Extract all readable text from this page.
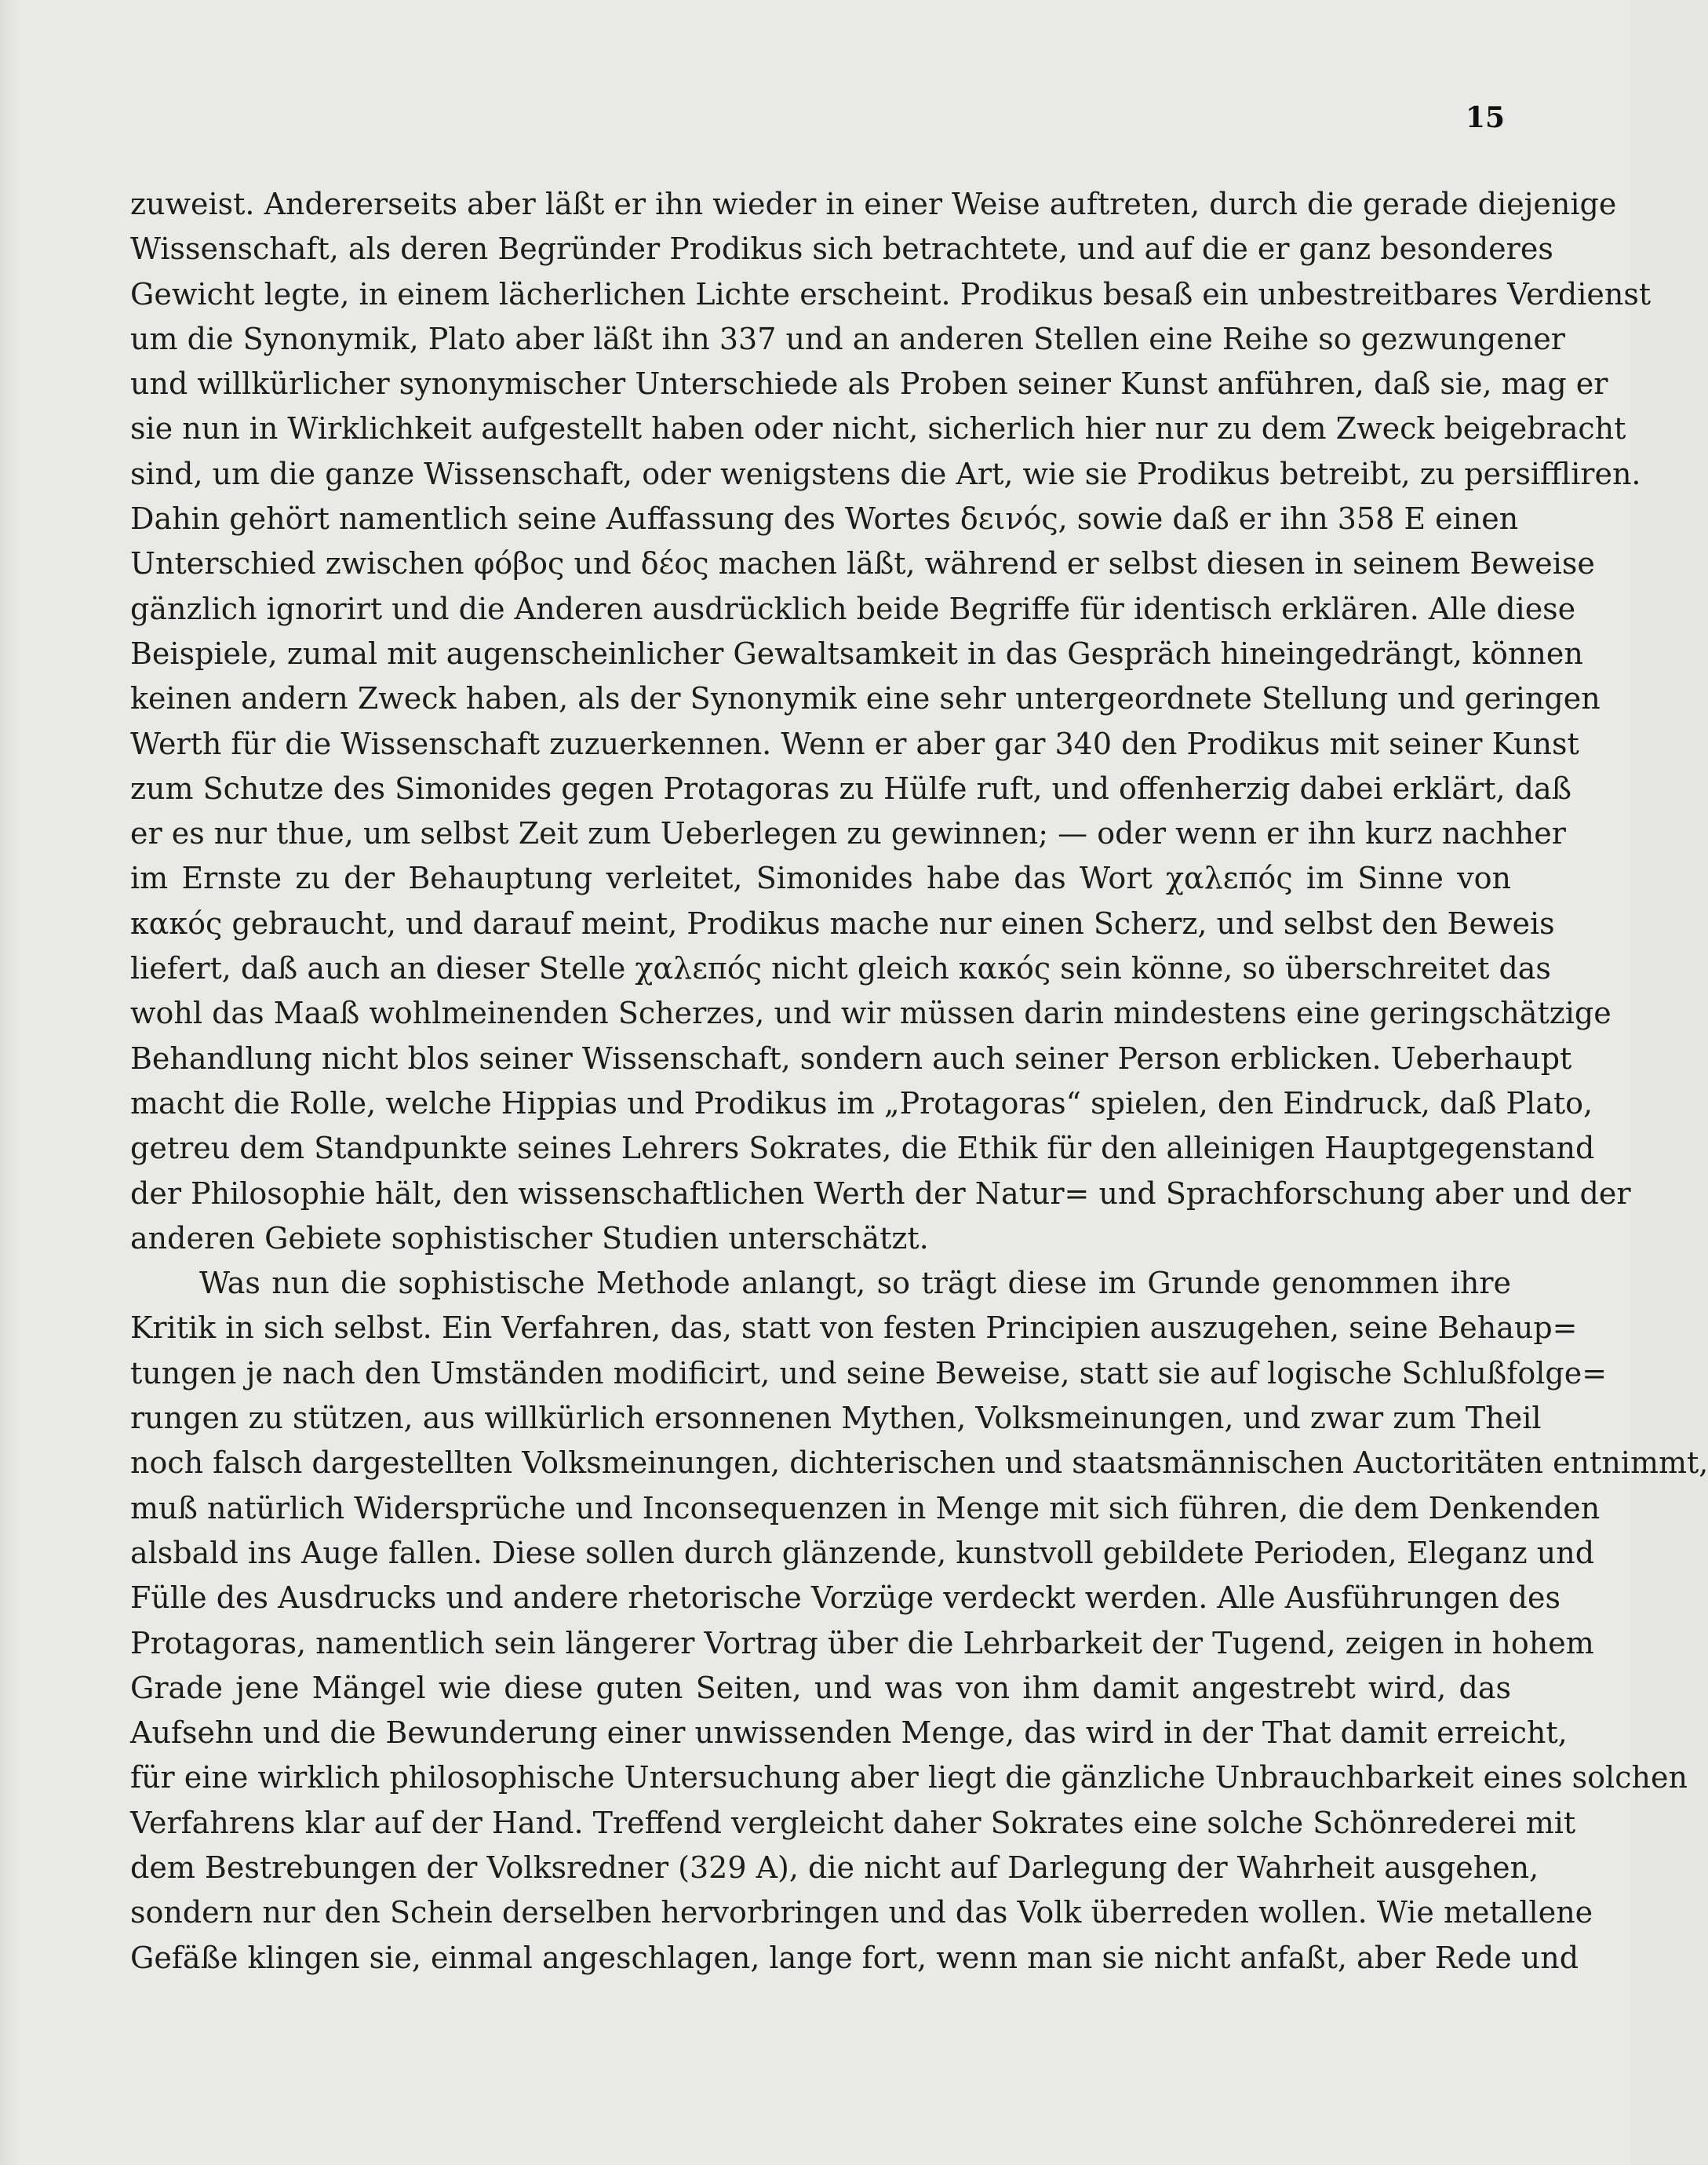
15
zuweist. Andererseits aber läßt er ihn wieder in einer Weise auftreten, durch die gerade diejenige
Wissenschaft, als deren Begründer Prodikus sich betrachtete, und auf die er ganz besonderes
Gewicht legte, in einem lächerlichen Lichte erscheint. Prodikus besaß ein unbestreitbares Verdienst
um die Synonymik, Plato aber läßt ihn 337 und an anderen Stellen eine Reihe so gezwungener
und willkürlicher synonymischer Unterschiede als Proben seiner Kunst anführen, daß sie, mag er
sie nun in Wirklichkeit aufgestellt haben oder nicht, sicherlich hier nur zu dem Zweck beigebracht
sind, um die ganze Wissenschaft, oder wenigstens die Art, wie sie Prodikus betreibt, zu persiffliren.
Dahin gehört namentlich seine Auffassung des Wortes δεινός, sowie daß er ihn 358 E einen
Unterschied zwischen φόβος und δέος machen läßt, während er selbst diesen in seinem Beweise
gänzlich ignorirt und die Anderen ausdrücklich beide Begriffe für identisch erklären. Alle diese
Beispiele, zumal mit augenscheinlicher Gewaltsamkeit in das Gespräch hineingedrängt, können
keinen andern Zweck haben, als der Synonymik eine sehr untergeordnete Stellung und geringen
Werth für die Wissenschaft zuzuerkennen. Wenn er aber gar 340 den Prodikus mit seiner Kunst
zum Schutze des Simonides gegen Protagoras zu Hülfe ruft, und offenherzig dabei erklärt, daß
er es nur thue, um selbst Zeit zum Ueberlegen zu gewinnen; — oder wenn er ihn kurz nachher
im Ernste zu der Behauptung verleitet, Simonides habe das Wort χαλεπός im Sinne von
κακός gebraucht, und darauf meint, Prodikus mache nur einen Scherz, und selbst den Beweis
liefert, daß auch an dieser Stelle χαλεπός nicht gleich κακός sein könne, so überschreitet das
wohl das Maaß wohlmeinenden Scherzes, und wir müssen darin mindestens eine geringschätzige
Behandlung nicht blos seiner Wissenschaft, sondern auch seiner Person erblicken. Ueberhaupt
macht die Rolle, welche Hippias und Prodikus im „Protagoras“ spielen, den Eindruck, daß Plato,
getreu dem Standpunkte seines Lehrers Sokrates, die Ethik für den alleinigen Hauptgegenstand
der Philosophie hält, den wissenschaftlichen Werth der Natur= und Sprachforschung aber und der
anderen Gebiete sophistischer Studien unterschätzt.
Was nun die sophistische Methode anlangt, so trägt diese im Grunde genommen ihre
Kritik in sich selbst. Ein Verfahren, das, statt von festen Principien auszugehen, seine Behaup=
tungen je nach den Umständen modificirt, und seine Beweise, statt sie auf logische Schlußfolge=
rungen zu stützen, aus willkürlich ersonnenen Mythen, Volksmeinungen, und zwar zum Theil
noch falsch dargestellten Volksmeinungen, dichterischen und staatsmännischen Auctoritäten entnimmt,
muß natürlich Widersprüche und Inconsequenzen in Menge mit sich führen, die dem Denkenden
alsbald ins Auge fallen. Diese sollen durch glänzende, kunstvoll gebildete Perioden, Eleganz und
Fülle des Ausdrucks und andere rhetorische Vorzüge verdeckt werden. Alle Ausführungen des
Protagoras, namentlich sein längerer Vortrag über die Lehrbarkeit der Tugend, zeigen in hohem
Grade jene Mängel wie diese guten Seiten, und was von ihm damit angestrebt wird, das
Aufsehn und die Bewunderung einer unwissenden Menge, das wird in der That damit erreicht,
für eine wirklich philosophische Untersuchung aber liegt die gänzliche Unbrauchbarkeit eines solchen
Verfahrens klar auf der Hand. Treffend vergleicht daher Sokrates eine solche Schönrederei mit
dem Bestrebungen der Volksredner (329 A), die nicht auf Darlegung der Wahrheit ausgehen,
sondern nur den Schein derselben hervorbringen und das Volk überreden wollen. Wie metallene
Gefäße klingen sie, einmal angeschlagen, lange fort, wenn man sie nicht anfaßt, aber Rede und
